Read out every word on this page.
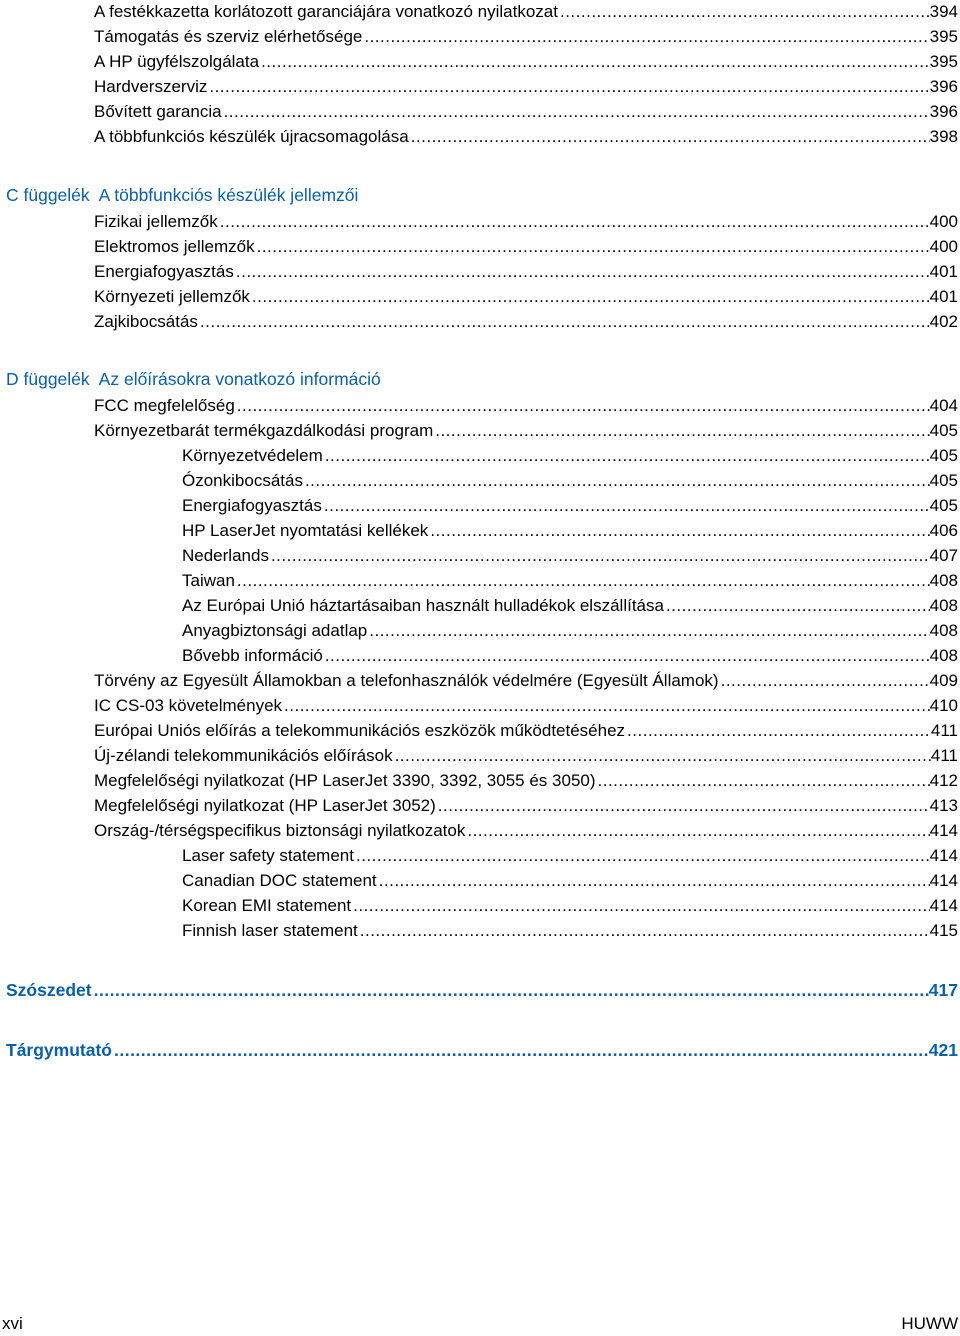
A festékkazetta korlátozott garanciájára vonatkozó nyilatkozat .....	394
Támogatás és szerviz elérhetősége .....	395
A HP ügyfélszolgálata .....	395
Hardverszerviz .....	396
Bővített garancia .....	396
A többfunkciós készülék újracsomagolása .....	398
C függelék A többfunkciós készülék jellemzői
Fizikai jellemzők .....	400
Elektromos jellemzők .....	400
Energiafogyasztás .....	401
Környezeti jellemzők .....	401
Zajkibocsátás .....	402
D függelék Az előírásokra vonatkozó információ
FCC megfelelőség .....	404
Környezetbarát termékgazdálkodási program .....	405
Környezetvédelem .....	405
Ózonkibocsátás .....	405
Energiafogyasztás .....	405
HP LaserJet nyomtatási kellékek .....	406
Nederlands .....	407
Taiwan .....	408
Az Európai Unió háztartásaiban használt hulladékok elszállítása .....	408
Anyagbiztonsági adatlap .....	408
Bővebb információ .....	408
Törvény az Egyesült Államokban a telefonhasználók védelmére (Egyesült Államok) .....	409
IC CS-03 követelmények .....	410
Európai Uniós előírás a telekommunikációs eszközök működtetéséhez .....	411
Új-zélandi telekommunikációs előírások .....	411
Megfelelőségi nyilatkozat (HP LaserJet 3390, 3392, 3055 és 3050) .....	412
Megfelelőségi nyilatkozat (HP LaserJet 3052) .....	413
Ország-/térségspecifikus biztonsági nyilatkozatok .....	414
Laser safety statement .....	414
Canadian DOC statement .....	414
Korean EMI statement .....	414
Finnish laser statement .....	415
Szószedet .....	417
Tárgymutató .....	421
xvi	HUWW
